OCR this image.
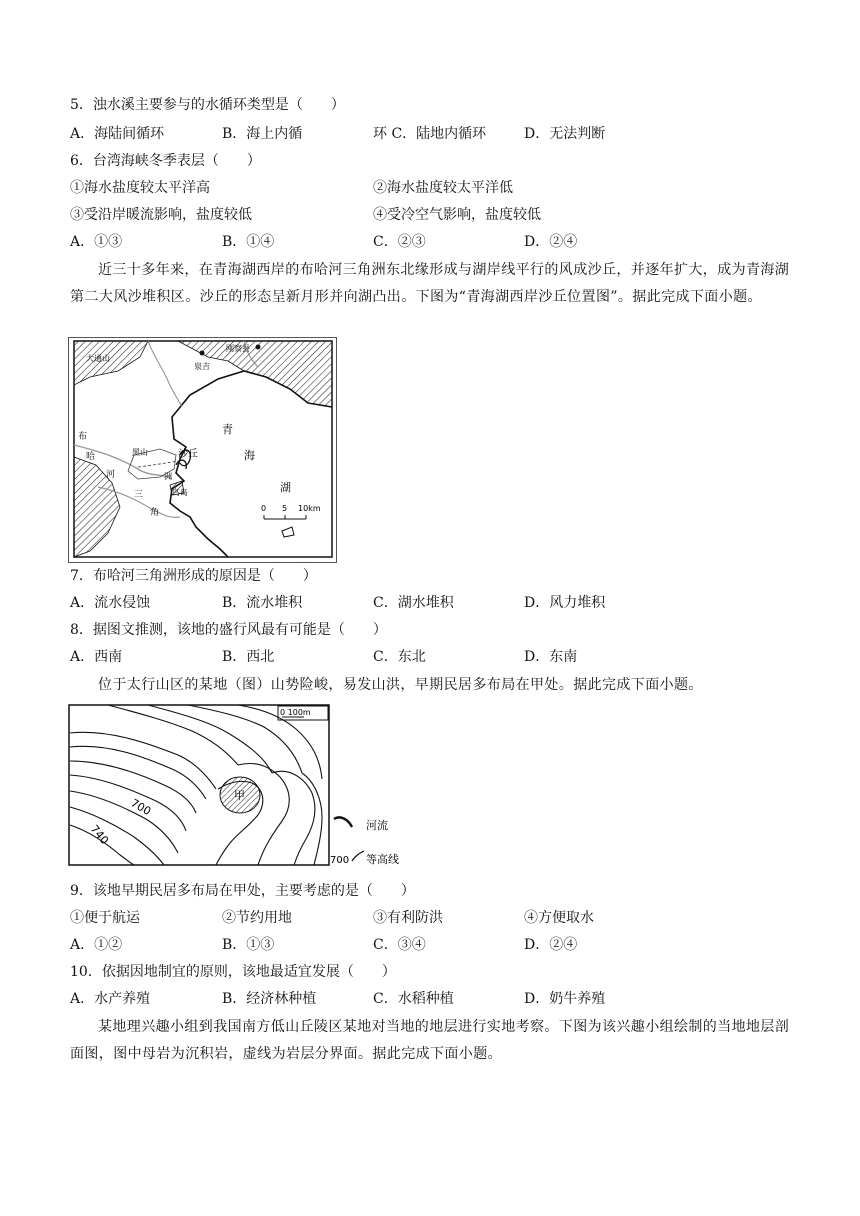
5．浊水溪主要参与的水循环类型是（　　）
A．海陆间循环	B．海上内循	环 C．陆地内循环	D．无法判断
6．台湾海峡冬季表层（　　）
①海水盐度较太平洋高	②海水盐度较太平洋低
③受沿岸暖流影响，盐度较低	④受冷空气影响，盐度较低
A．①③	B．①④	C．②③	D．②④
近三十多年来，在青海湖西岸的布哈河三角洲东北缘形成与湖岸线平行的风成沙丘，并逐年扩大，成为青海湖第二大风沙堆积区。沙丘的形态呈新月形并向湖凸出。下图为“青海湖西岸沙丘位置图”。据此完成下面小题。
大通山
刚察县
泉吉
青
海
湖
布
哈
河
三
角
洲
黑山	沙丘
鸟岛
0 5 10km
7．布哈河三角洲形成的原因是（　　）
A．流水侵蚀	B．流水堆积	C．湖水堆积	D．风力堆积
8．据图文推测，该地的盛行风最有可能是（　　）
A．西南	B．西北	C．东北	D．东南
位于太行山区的某地（图）山势险峻，易发山洪，早期民居多布局在甲处。据此完成下面小题。
0 100m
甲
700
740	河流
700 等高线
9．该地早期民居多布局在甲处，主要考虑的是（　　）
①便于航运	②节约用地	③有利防洪	④方便取水
A．①②	B．①③	C．③④	D．②④
10．依据因地制宜的原则，该地最适宜发展（　　）
A．水产养殖	B．经济林种植	C．水稻种植	D．奶牛养殖
某地理兴趣小组到我国南方低山丘陵区某地对当地的地层进行实地考察。下图为该兴趣小组绘制的当地地层剖面图，图中母岩为沉积岩，虚线为岩层分界面。据此完成下面小题。
